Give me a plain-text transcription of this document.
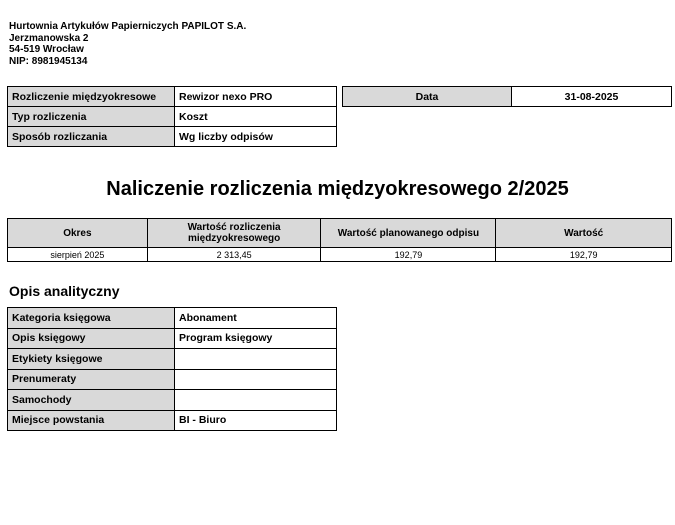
Hurtownia Artykułów Papierniczych PAPILOT S.A.
Jerzmanowska 2
54-519 Wrocław
NIP: 8981945134
Rozliczenie międzyokresowe	Rewizor nexo PRO
Typ rozliczenia	Koszt
Sposób rozliczania	Wg liczby odpisów
Data	31-08-2025
Naliczenie rozliczenia międzyokresowego 2/2025
Okres	Wartość rozliczenia międzyokresowego	Wartość planowanego odpisu	Wartość
sierpień 2025	2 313,45	192,79	192,79
Opis analityczny
Kategoria księgowa	Abonament
Opis księgowy	Program księgowy
Etykiety księgowe	
Prenumeraty	
Samochody	
Miejsce powstania	BI - Biuro
